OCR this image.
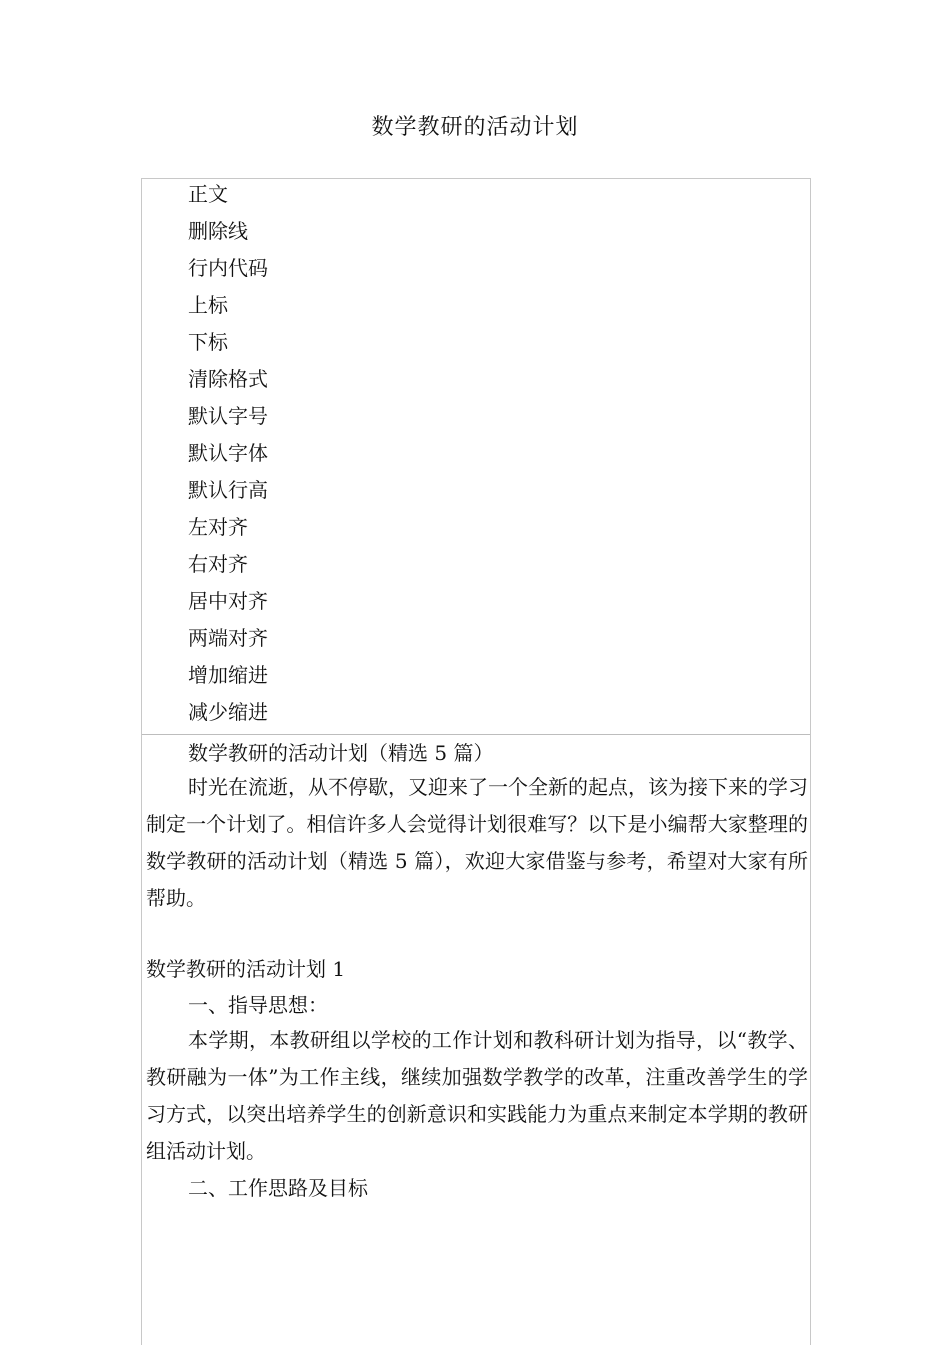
数学教研的活动计划
正文
删除线
行内代码
上标
下标
清除格式
默认字号
默认字体
默认行高
左对齐
右对齐
居中对齐
两端对齐
增加缩进
减少缩进
数学教研的活动计划（精选 5 篇）
时光在流逝，从不停歇，又迎来了一个全新的起点，该为接下来的学习制定一个计划了。相信许多人会觉得计划很难写？以下是小编帮大家整理的数学教研的活动计划（精选 5 篇），欢迎大家借鉴与参考，希望对大家有所帮助。
数学教研的活动计划 1
一、指导思想：
本学期，本教研组以学校的工作计划和教科研计划为指导，以“教学、教研融为一体”为工作主线，继续加强数学教学的改革，注重改善学生的学习方式，以突出培养学生的创新意识和实践能力为重点来制定本学期的教研组活动计划。
二、工作思路及目标
